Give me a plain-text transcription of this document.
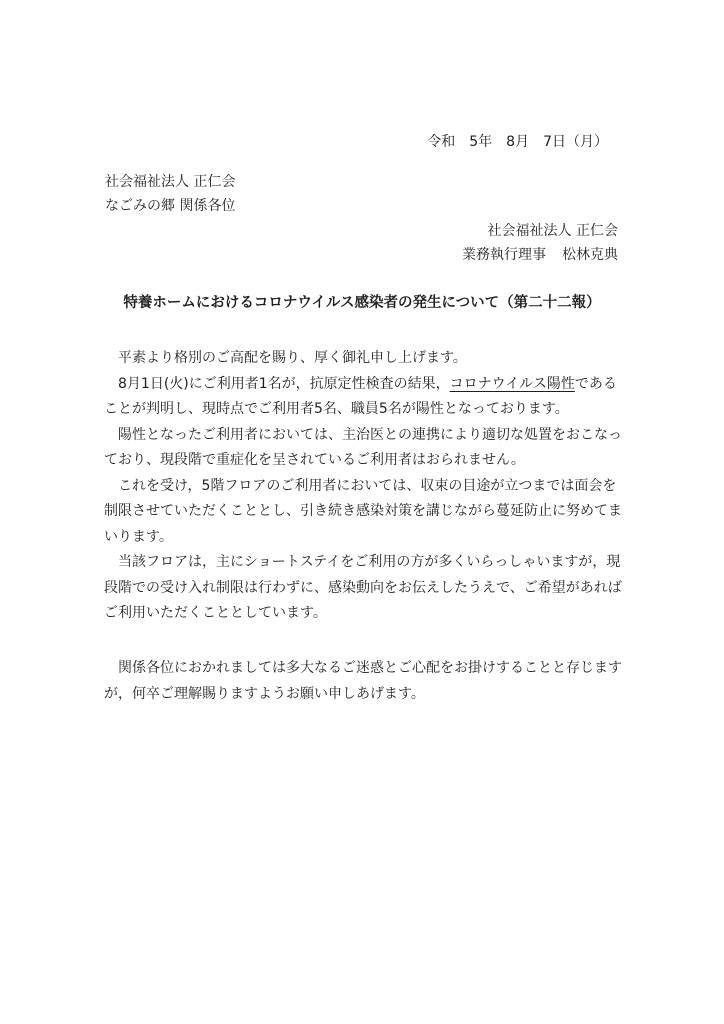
令和　5年　8月　7日（月）
社会福祉法人 正仁会
なごみの郷 関係各位
社会福祉法人 正仁会
業務執行理事 松林克典
特養ホームにおけるコロナウイルス感染者の発生について（第二十二報）

平素より格別のご高配を賜り、厚く御礼申し上げます。

8月1日(火)にご利用者1名が，抗原定性検査の結果，コロナウイルス陽性であることが判明し、現時点でご利用者5名、職員5名が陽性となっております。

陽性となったご利用者においては、主治医との連携により適切な処置をおこなっており、現段階で重症化を呈されているご利用者はおられません。

これを受け，5階フロアのご利用者においては、収束の目途が立つまでは面会を制限させていただくこととし、引き続き感染対策を講じながら蔓延防止に努めてまいります。

当該フロアは，主にショートステイをご利用の方が多くいらっしゃいますが，現段階での受け入れ制限は行わずに、感染動向をお伝えしたうえで、ご希望があればご利用いただくこととしています。

関係各位におかれましては多大なるご迷惑とご心配をお掛けすることと存じますが，何卒ご理解賜りますようお願い申しあげます。
